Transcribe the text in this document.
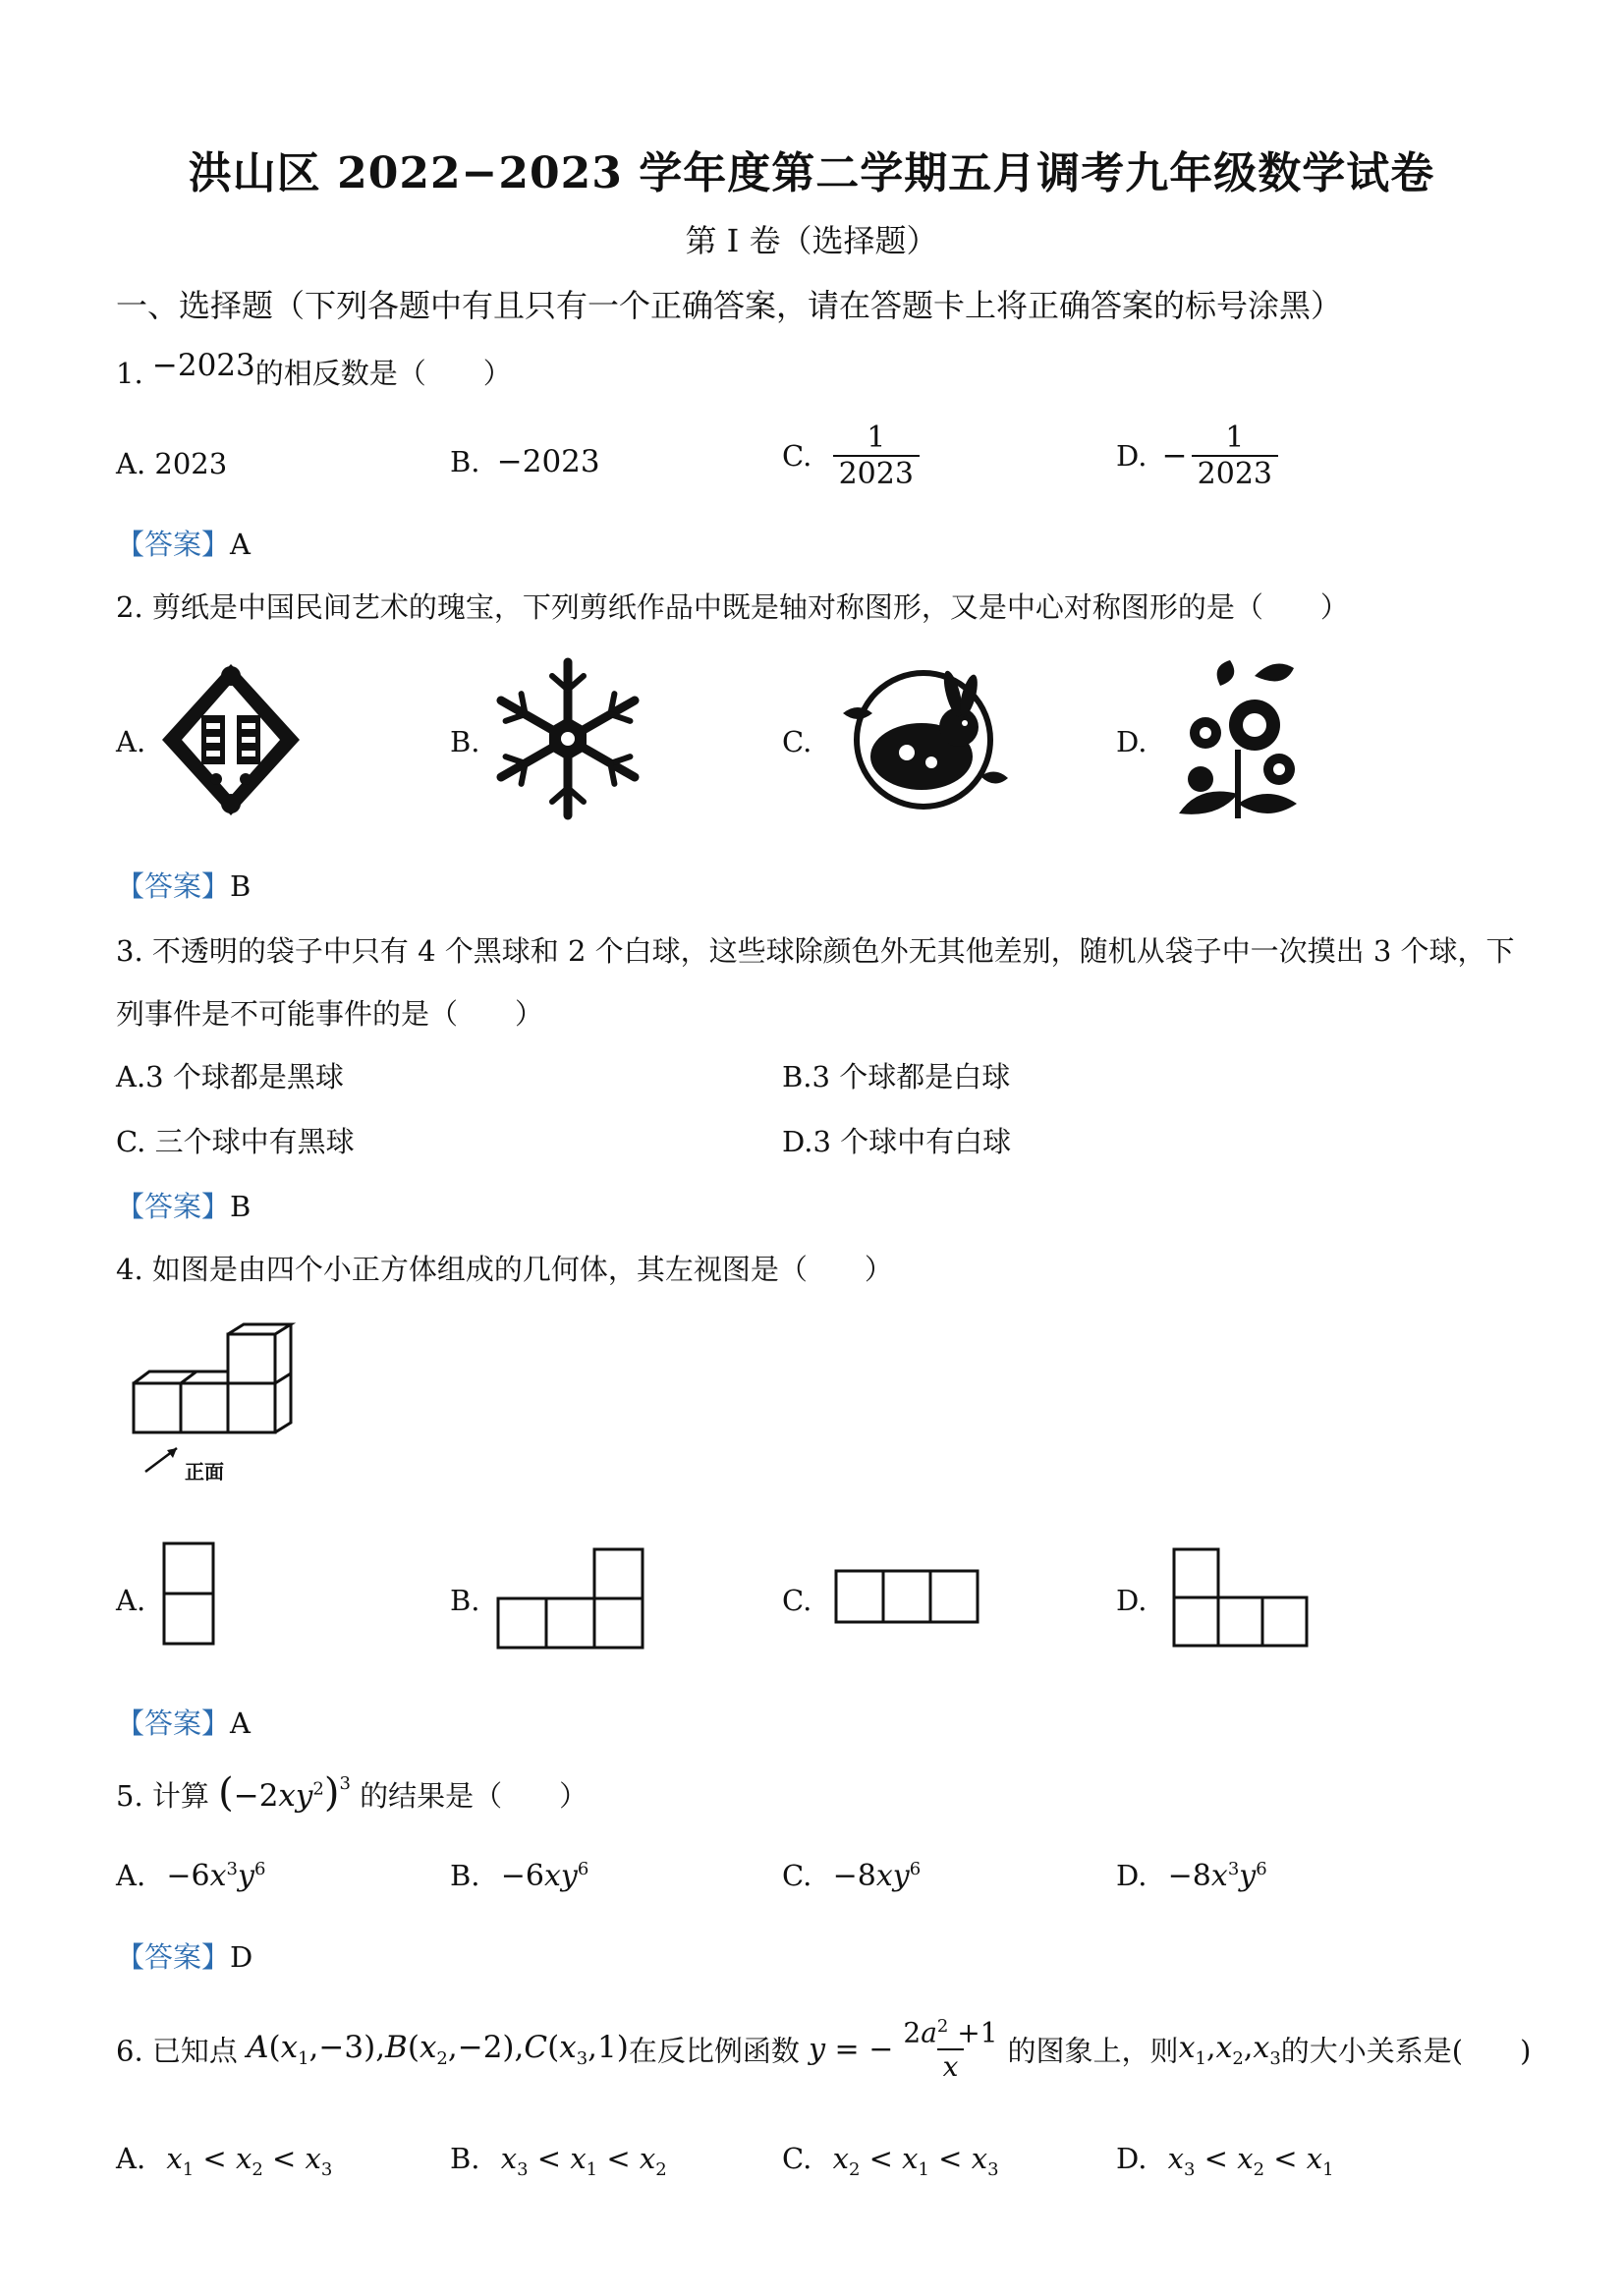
洪山区 2022−2023 学年度第二学期五月调考九年级数学试卷
第 I 卷（选择题）
一、选择题（下列各题中有且只有一个正确答案，请在答题卡上将正确答案的标号涂黑）
1. −2023的相反数是（　　）
A. 2023	B. −2023	C. $\frac{1}{2023}$	D. − $\frac{1}{2023}$
【答案】A
2. 剪纸是中国民间艺术的瑰宝，下列剪纸作品中既是轴对称图形，又是中心对称图形的是（　　）
A.	B.	C.	D.
【答案】B
3. 不透明的袋子中只有 4 个黑球和 2 个白球，这些球除颜色外无其他差别，随机从袋子中一次摸出 3 个球，下
列事件是不可能事件的是（　　）
A.3 个球都是黑球	B.3 个球都是白球
C. 三个球中有黑球	D.3 个球中有白球
【答案】B
4. 如图是由四个小正方体组成的几何体，其左视图是（　　）
正面
A.	B.	C.	D.
【答案】A
5. 计算 $(-2xy^2)^3$ 的结果是（　　）
A. $-6x^3y^6$	B. $-6xy^6$	C. $-8xy^6$	D. $-8x^3y^6$
【答案】D
6. 已知点 $A(x_1,-3),B(x_2,-2),C(x_3,1)$在反比例函数 y = − $\frac{2a^2 +1}{x}$ 的图象上，则$x_1,x_2,x_3$的大小关系是(　　)
A. $x_1 < x_2 < x_3$	B. $x_3 < x_1 < x_2$	C. $x_2 < x_1 < x_3$	D. $x_3 < x_2 < x_1$
